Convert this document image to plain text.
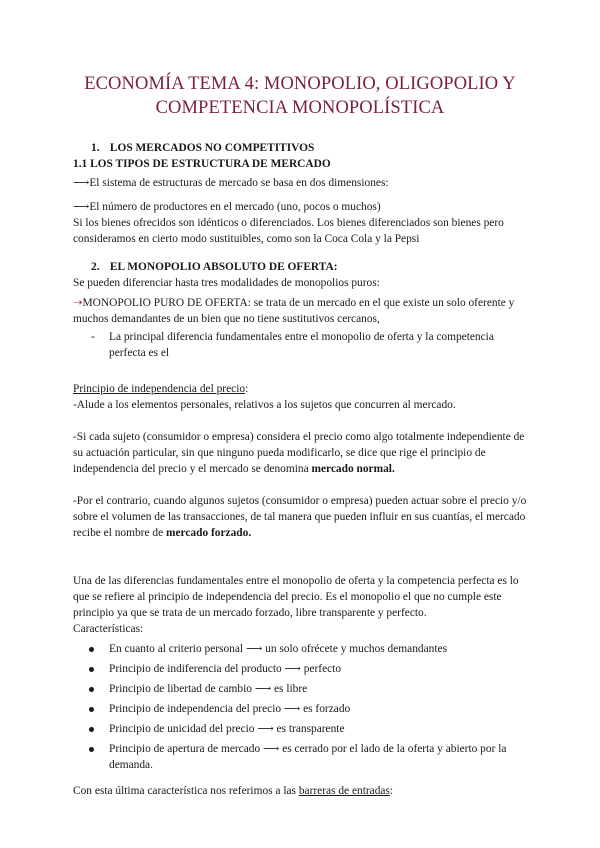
ECONOMÍA TEMA 4: MONOPOLIO, OLIGOPOLIO Y COMPETENCIA MONOPOLÍSTICA

1. LOS MERCADOS NO COMPETITIVOS

1.1 LOS TIPOS DE ESTRUCTURA DE MERCADO

⟶El sistema de estructuras de mercado se basa en dos dimensiones:

⟶El número de productores en el mercado (uno, pocos o muchos)

Si los bienes ofrecidos son idénticos o diferenciados. Los bienes diferenciados son bienes pero consideramos en cierto modo sustituibles, como son la Coca Cola y la Pepsi

2. EL MONOPOLIO ABSOLUTO DE OFERTA:

Se pueden diferenciar hasta tres modalidades de monopolios puros:

➝MONOPOLIO PURO DE OFERTA: se trata de un mercado en el que existe un solo oferente y muchos demandantes de un bien que no tiene sustitutivos cercanos,

- La principal diferencia fundamentales entre el monopolio de oferta y la competencia perfecta es el

Principio de independencia del precio:

-Alude a los elementos personales, relativos a los sujetos que concurren al mercado.

-Si cada sujeto (consumidor o empresa) considera el precio como algo totalmente independiente de su actuación particular, sin que ninguno pueda modificarlo, se dice que rige el principio de independencia del precio y el mercado se denomina mercado normal.

-Por el contrario, cuando algunos sujetos (consumidor o empresa) pueden actuar sobre el precio y/o sobre el volumen de las transacciones, de tal manera que pueden influir en sus cuantías, el mercado recibe el nombre de mercado forzado.

Una de las diferencias fundamentales entre el monopolio de oferta y la competencia perfecta es lo que se refiere al principio de independencia del precio. Es el monopolio el que no cumple este principio ya que se trata de un mercado forzado, libre transparente y perfecto.

Características:

En cuanto al criterio personal ⟶ un solo ofrécete y muchos demandantes
Principio de indiferencia del producto ⟶ perfecto
Principio de libertad de cambio ⟶ es libre
Principio de independencia del precio ⟶ es forzado
Principio de unicidad del precio ⟶ es transparente
Principio de apertura de mercado ⟶ es cerrado por el lado de la oferta y abierto por la demanda.

Con esta última característica nos referimos a las barreras de entradas:
